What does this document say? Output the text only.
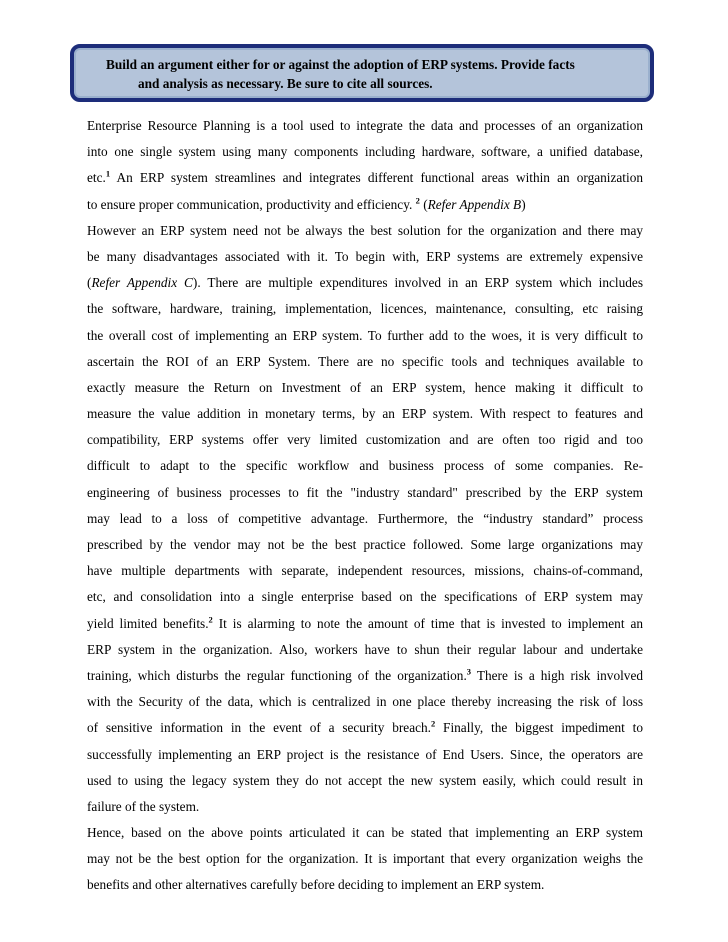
Build an argument either for or against the adoption of ERP systems. Provide facts
and analysis as necessary. Be sure to cite all sources.
Enterprise Resource Planning is a tool used to integrate the data and processes of an organization
into one single system using many components including hardware, software, a unified database,
etc.$^1$ An ERP system streamlines and integrates different functional areas within an organization
to ensure proper communication, productivity and efficiency. $^2$ (Refer Appendix B)
However an ERP system need not be always the best solution for the organization and there may
be many disadvantages associated with it. To begin with, ERP systems are extremely expensive
(Refer Appendix C). There are multiple expenditures involved in an ERP system which includes
the software, hardware, training, implementation, licences, maintenance, consulting, etc raising
the overall cost of implementing an ERP system. To further add to the woes, it is very difficult to
ascertain the ROI of an ERP System. There are no specific tools and techniques available to
exactly measure the Return on Investment of an ERP system, hence making it difficult to
measure the value addition in monetary terms, by an ERP system. With respect to features and
compatibility, ERP systems offer very limited customization and are often too rigid and too
difficult to adapt to the specific workflow and business process of some companies. Re-
engineering of business processes to fit the "industry standard" prescribed by the ERP system
may lead to a loss of competitive advantage. Furthermore, the “industry standard” process
prescribed by the vendor may not be the best practice followed. Some large organizations may
have multiple departments with separate, independent resources, missions, chains-of-command,
etc, and consolidation into a single enterprise based on the specifications of ERP system may
yield limited benefits.$^2$ It is alarming to note the amount of time that is invested to implement an
ERP system in the organization. Also, workers have to shun their regular labour and undertake
training, which disturbs the regular functioning of the organization.$^3$ There is a high risk involved
with the Security of the data, which is centralized in one place thereby increasing the risk of loss
of sensitive information in the event of a security breach.$^2$ Finally, the biggest impediment to
successfully implementing an ERP project is the resistance of End Users. Since, the operators are
used to using the legacy system they do not accept the new system easily, which could result in
failure of the system.
Hence, based on the above points articulated it can be stated that implementing an ERP system
may not be the best option for the organization. It is important that every organization weighs the
benefits and other alternatives carefully before deciding to implement an ERP system.
